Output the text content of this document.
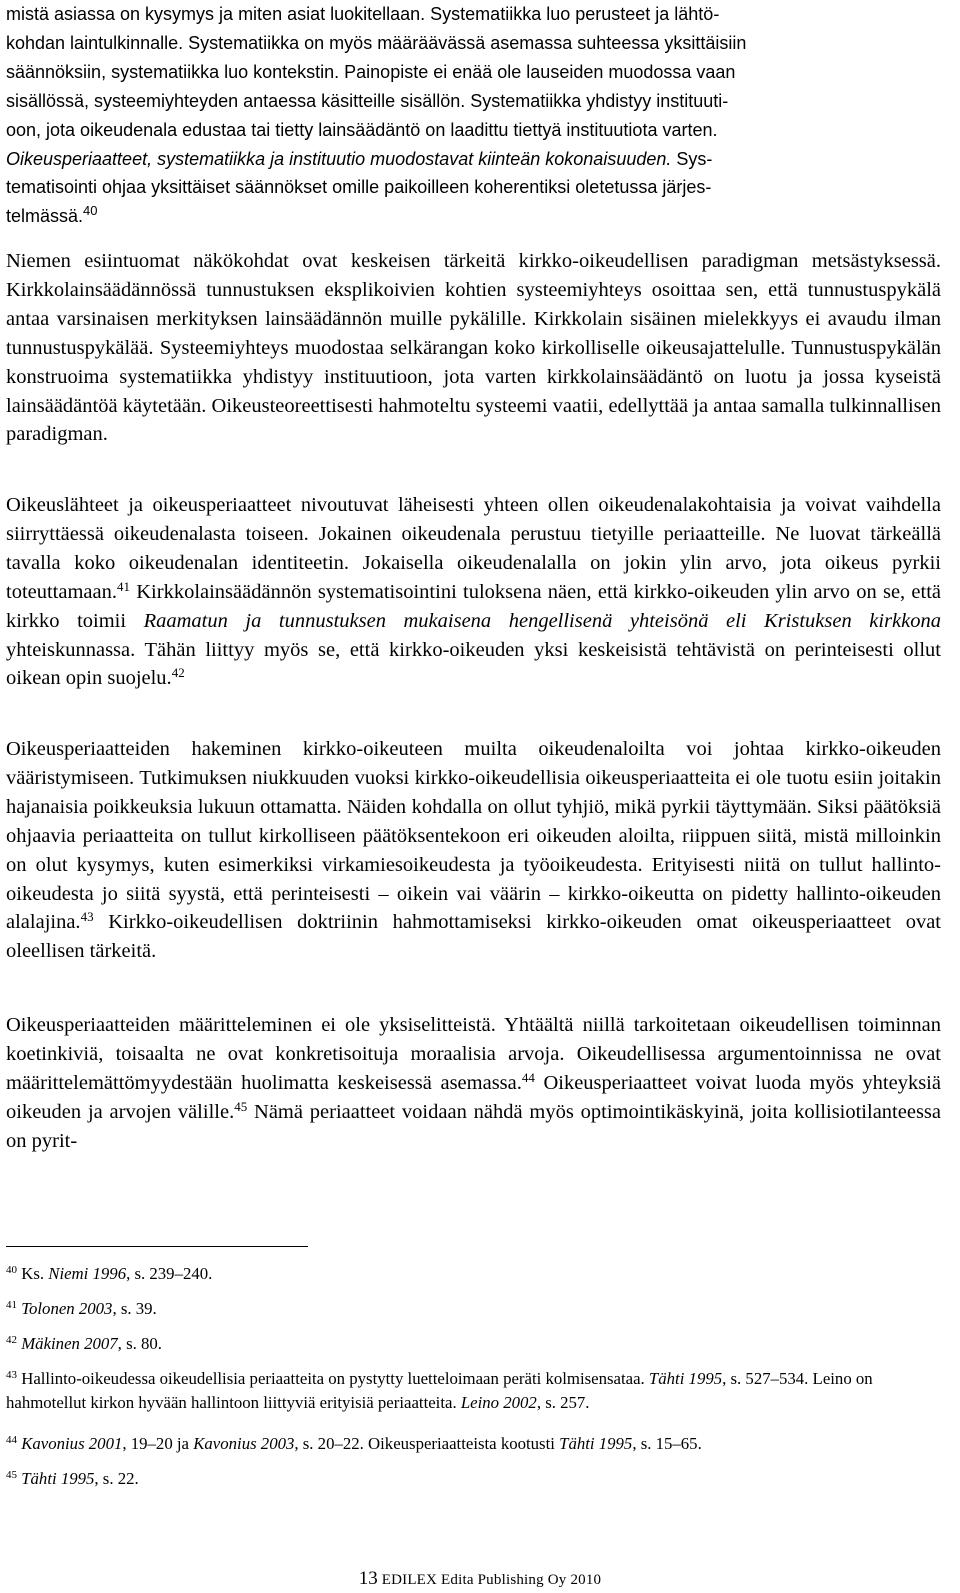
mistä asiassa on kysymys ja miten asiat luokitellaan. Systematiikka luo perusteet ja lähtö-
kohdan laintulkinnalle. Systematiikka on myös määräävässä asemassa suhteessa yksittäisiin
säännöksiin, systematiikka luo kontekstin. Painopiste ei enää ole lauseiden muodossa vaan
sisällössä, systeemiyhteyden antaessa käsitteille sisällön. Systematiikka yhdistyy instituuti-
oon, jota oikeudenala edustaa tai tietty lainsäädäntö on laadittu tiettyä instituutiota varten.
Oikeusperiaatteet, systematiikka ja instituutio muodostavat kiinteän kokonaisuuden. Sys-
tematisointi ohjaa yksittäiset säännökset omille paikoilleen koherentiksi oletetussa järjes-
telmässä.$^{40}$

Niemen esiintuomat näkökohdat ovat keskeisen tärkeitä kirkko-oikeudellisen paradigman metsästyksessä. Kirkkolainsäädännössä tunnustuksen eksplikoivien kohtien systeemiyhteys osoittaa sen, että tunnustuspykälä antaa varsinaisen merkityksen lainsäädännön muille pykälille. Kirkkolain sisäinen mielekkyys ei avaudu ilman tunnustuspykälää. Systeemiyhteys muodostaa selkärangan koko kirkolliselle oikeusajattelulle. Tunnustuspykälän konstruoima systematiikka yhdistyy instituutioon, jota varten kirkkolainsäädäntö on luotu ja jossa kyseistä lainsäädäntöä käytetään. Oikeusteoreettisesti hahmoteltu systeemi vaatii, edellyttää ja antaa samalla tulkinnallisen paradigman.

Oikeuslähteet ja oikeusperiaatteet nivoutuvat läheisesti yhteen ollen oikeudenalakohtaisia ja voivat vaihdella siirryttäessä oikeudenalasta toiseen. Jokainen oikeudenala perustuu tietyille periaatteille. Ne luovat tärkeällä tavalla koko oikeudenalan identiteetin. Jokaisella oikeudenalalla on jokin ylin arvo, jota oikeus pyrkii toteuttamaan.$^{41}$ Kirkkolainsäädännön systematisointini tuloksena näen, että kirkko-oikeuden ylin arvo on se, että kirkko toimii Raamatun ja tunnustuksen mukaisena hengellisenä yhteisönä eli Kristuksen kirkkona yhteiskunnassa. Tähän liittyy myös se, että kirkko-oikeuden yksi keskeisistä tehtävistä on perinteisesti ollut oikean opin suojelu.$^{42}$

Oikeusperiaatteiden hakeminen kirkko-oikeuteen muilta oikeudenaloilta voi johtaa kirkko-oikeuden vääristymiseen. Tutkimuksen niukkuuden vuoksi kirkko-oikeudellisia oikeusperiaatteita ei ole tuotu esiin joitakin hajanaisia poikkeuksia lukuun ottamatta. Näiden kohdalla on ollut tyhjiö, mikä pyrkii täyttymään. Siksi päätöksiä ohjaavia periaatteita on tullut kirkolliseen päätöksentekoon eri oikeuden aloilta, riippuen siitä, mistä milloinkin on olut kysymys, kuten esimerkiksi virkamiesoikeudesta ja työoikeudesta. Erityisesti niitä on tullut hallinto-oikeudesta jo siitä syystä, että perinteisesti – oikein vai väärin – kirkko-oikeutta on pidetty hallinto-oikeuden alalajina.$^{43}$ Kirkko-oikeudellisen doktriinin hahmottamiseksi kirkko-oikeuden omat oikeusperiaatteet ovat oleellisen tärkeitä.

Oikeusperiaatteiden määritteleminen ei ole yksiselitteistä. Yhtäältä niillä tarkoitetaan oikeudellisen toiminnan koetinkiviä, toisaalta ne ovat konkretisoituja moraalisia arvoja. Oikeudellisessa argumentoinnissa ne ovat määrittelemättömyydestään huolimatta keskeisessä asemassa.$^{44}$ Oikeusperiaatteet voivat luoda myös yhteyksiä oikeuden ja arvojen välille.$^{45}$ Nämä periaatteet voidaan nähdä myös optimointikäskyinä, joita kollisiotilanteessa on pyrit-

$^{40}$ Ks. Niemi 1996, s. 239–240.

$^{41}$ Tolonen 2003, s. 39.

$^{42}$ Mäkinen 2007, s. 80.

$^{43}$ Hallinto-oikeudessa oikeudellisia periaatteita on pystytty luetteloimaan peräti kolmisensataa. Tähti 1995, s. 527–534. Leino on hahmotellut kirkon hyvään hallintoon liittyviä erityisiä periaatteita. Leino 2002, s. 257.

$^{44}$ Kavonius 2001, 19–20 ja Kavonius 2003, s. 20–22. Oikeusperiaatteista kootusti Tähti 1995, s. 15–65.

$^{45}$ Tähti 1995, s. 22.

13 EDILEX Edita Publishing Oy 2010
